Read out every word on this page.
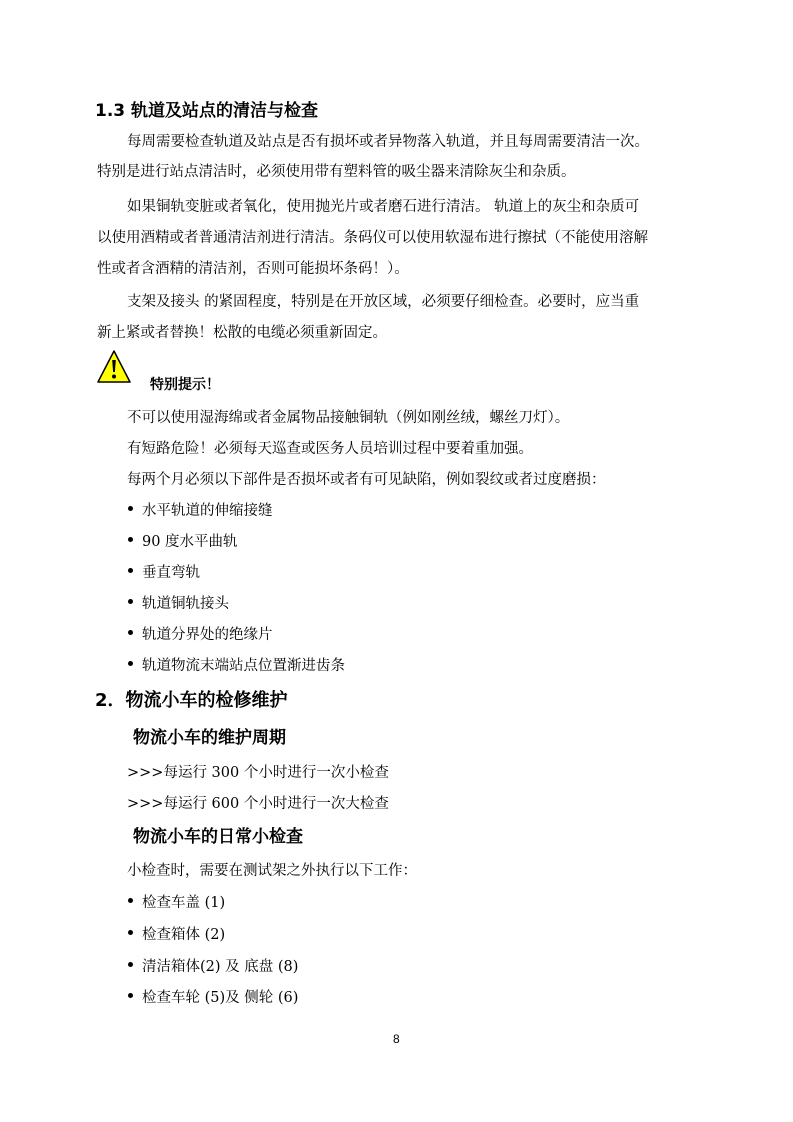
1.3 轨道及站点的清洁与检查
每周需要检查轨道及站点是否有损坏或者异物落入轨道，并且每周需要清洁一次。
特别是进行站点清洁时，必须使用带有塑料管的吸尘器来清除灰尘和杂质。
如果铜轨变脏或者氧化，使用抛光片或者磨石进行清洁。 轨道上的灰尘和杂质可
以使用酒精或者普通清洁剂进行清洁。条码仪可以使用软湿布进行擦拭（不能使用溶解
性或者含酒精的清洁剂，否则可能损坏条码！）。
支架及接头 的紧固程度，特别是在开放区域，必须要仔细检查。必要时，应当重
新上紧或者替换！松散的电缆必须重新固定。
特别提示！
不可以使用湿海绵或者金属物品接触铜轨（例如刚丝绒，螺丝刀灯）。
有短路危险！必须每天巡查或医务人员培训过程中要着重加强。
每两个月必须以下部件是否损坏或者有可见缺陷，例如裂纹或者过度磨损：
水平轨道的伸缩接缝
90 度水平曲轨
垂直弯轨
轨道铜轨接头
轨道分界处的绝缘片
轨道物流末端站点位置渐进齿条
2．物流小车的检修维护
物流小车的维护周期
>>>每运行 300 个小时进行一次小检查
>>>每运行 600 个小时进行一次大检查
物流小车的日常小检查
小检查时，需要在测试架之外执行以下工作：
检查车盖 (1)
检查箱体 (2)
清洁箱体(2) 及 底盘 (8)
检查车轮 (5)及 侧轮 (6)
8
